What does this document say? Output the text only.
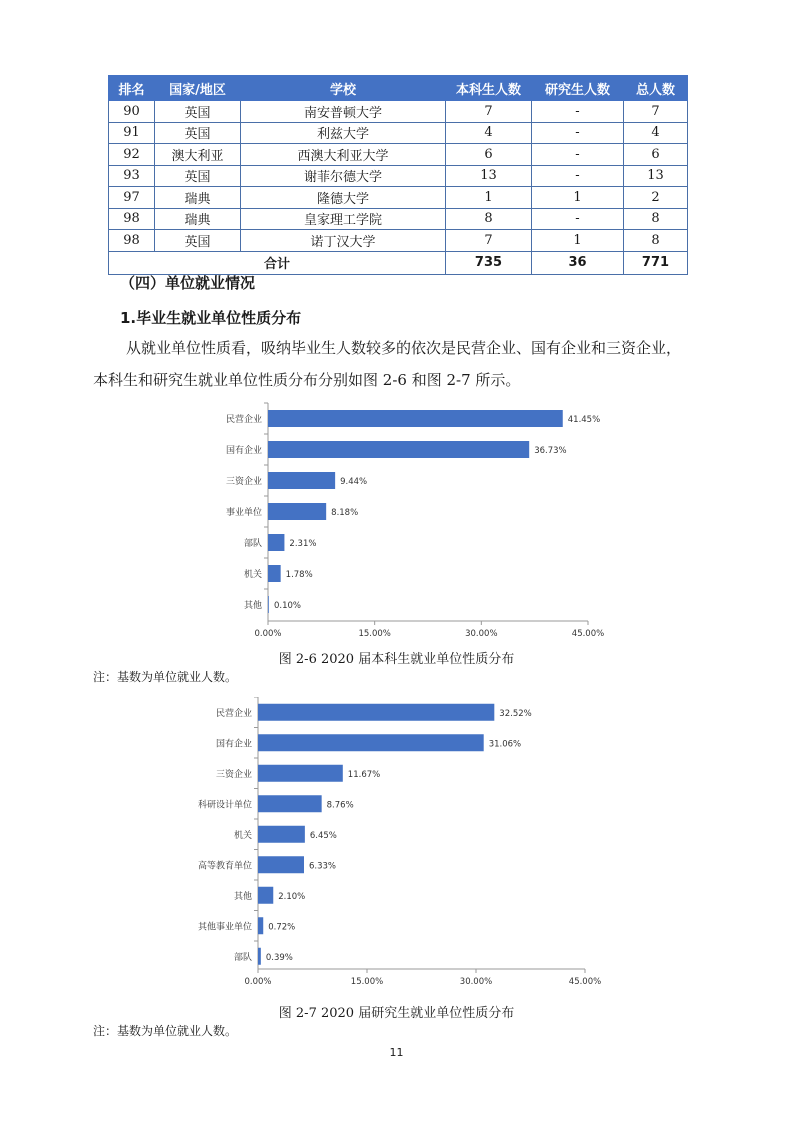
排名	国家/地区	学校	本科生人数	研究生人数	总人数
90	英国	南安普顿大学	7	-	7
91	英国	利兹大学	4	-	4
92	澳大利亚	西澳大利亚大学	6	-	6
93	英国	谢菲尔德大学	13	-	13
97	瑞典	隆德大学	1	1	2
98	瑞典	皇家理工学院	8	-	8
98	英国	诺丁汉大学	7	1	8
合计			735	36	771
（四）单位就业情况
1.毕业生就业单位性质分布
从就业单位性质看，吸纳毕业生人数较多的依次是民营企业、国有企业和三资企业，
本科生和研究生就业单位性质分布分别如图 2-6 和图 2-7 所示。
民营企业	41.45%
国有企业	36.73%
三资企业	9.44%
事业单位	8.18%
部队	2.31%
机关	1.78%
其他 0.10%
0.00%	15.00%	30.00%	45.00%
图 2-6 2020 届本科生就业单位性质分布
注：基数为单位就业人数。
民营企业	32.52%
国有企业	31.06%
三资企业	11.67%
科研设计单位	8.76%
机关	6.45%
高等教育单位	6.33%
其他	2.10%
其他事业单位 0.72%
部队 0.39%
0.00%	15.00%	30.00%	45.00%
图 2-7 2020 届研究生就业单位性质分布
注：基数为单位就业人数。
11
